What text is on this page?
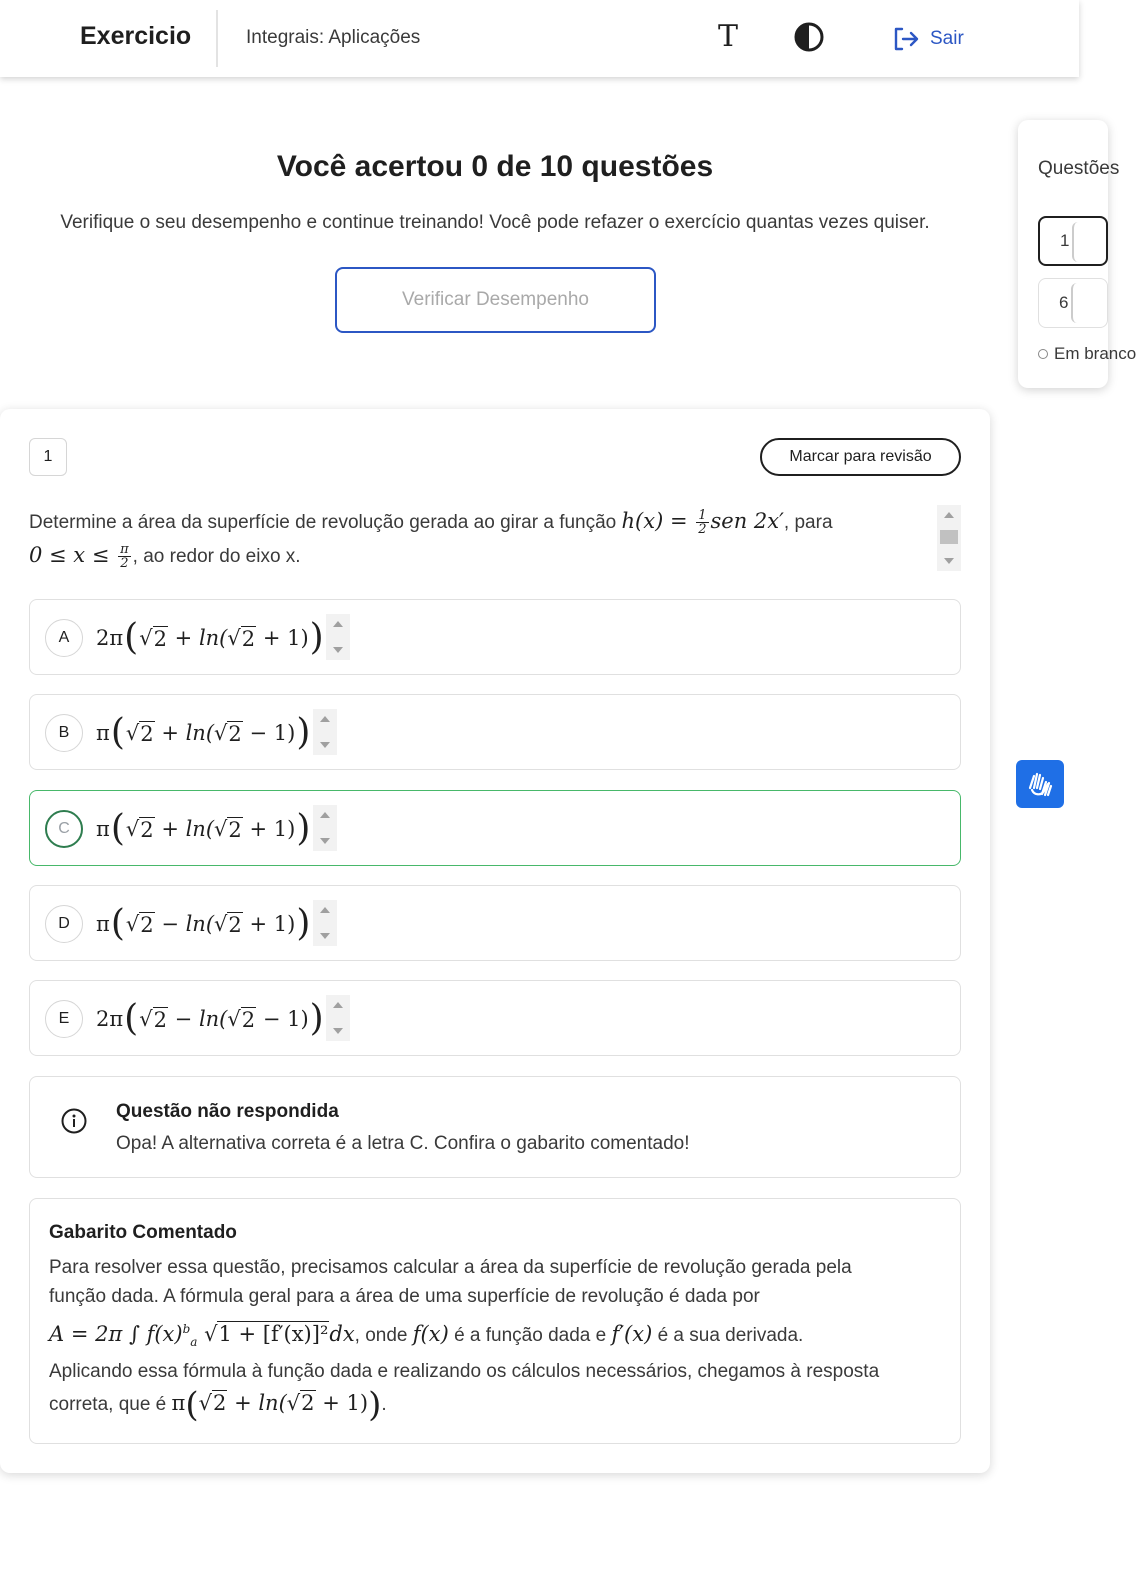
Exercicio	Integrais: Aplicações	T	Sair
Você acertou 0 de 10 questões
Verifique o seu desempenho e continue treinando! Você pode refazer o exercício quantas vezes quiser.
Verificar Desempenho
Questões
1
6
Em branco
1	Marcar para revisão
Determine a área da superfície de revolução gerada ao girar a função $h(x) = \frac{1}{2}$ sen 2x′, para
$0 \le x \le \frac{\pi}{2}$ , ao redor do eixo x.
A	2π ( √ 2
+ ln( √ 2
+ 1) )
B	π ( √ 2
+ ln( √ 2
− 1) )
C	π ( √ 2
+ ln( √ 2
+ 1) )
D	π ( √ 2
− ln( √ 2
+ 1) )
E	2π ( √ 2
− ln( √ 2
− 1) )
Questão não respondida
Opa! A alternativa correta é a letra C. Confira o gabarito comentado!
Gabarito Comentado
Para resolver essa questão, precisamos calcular a área da superfície de revolução gerada pela
função dada. A fórmula geral para a área de uma superfície de revolução é dada por
A = 2π ∫ $f(x)^b_a$ √1 + [f′(x)]²dx, onde f(x) é a função dada e f′(x) é a sua derivada.
Aplicando essa fórmula à função dada e realizando os cálculos necessários, chegamos à resposta
correta, que é π(√2 + ln(√2 + 1)).
